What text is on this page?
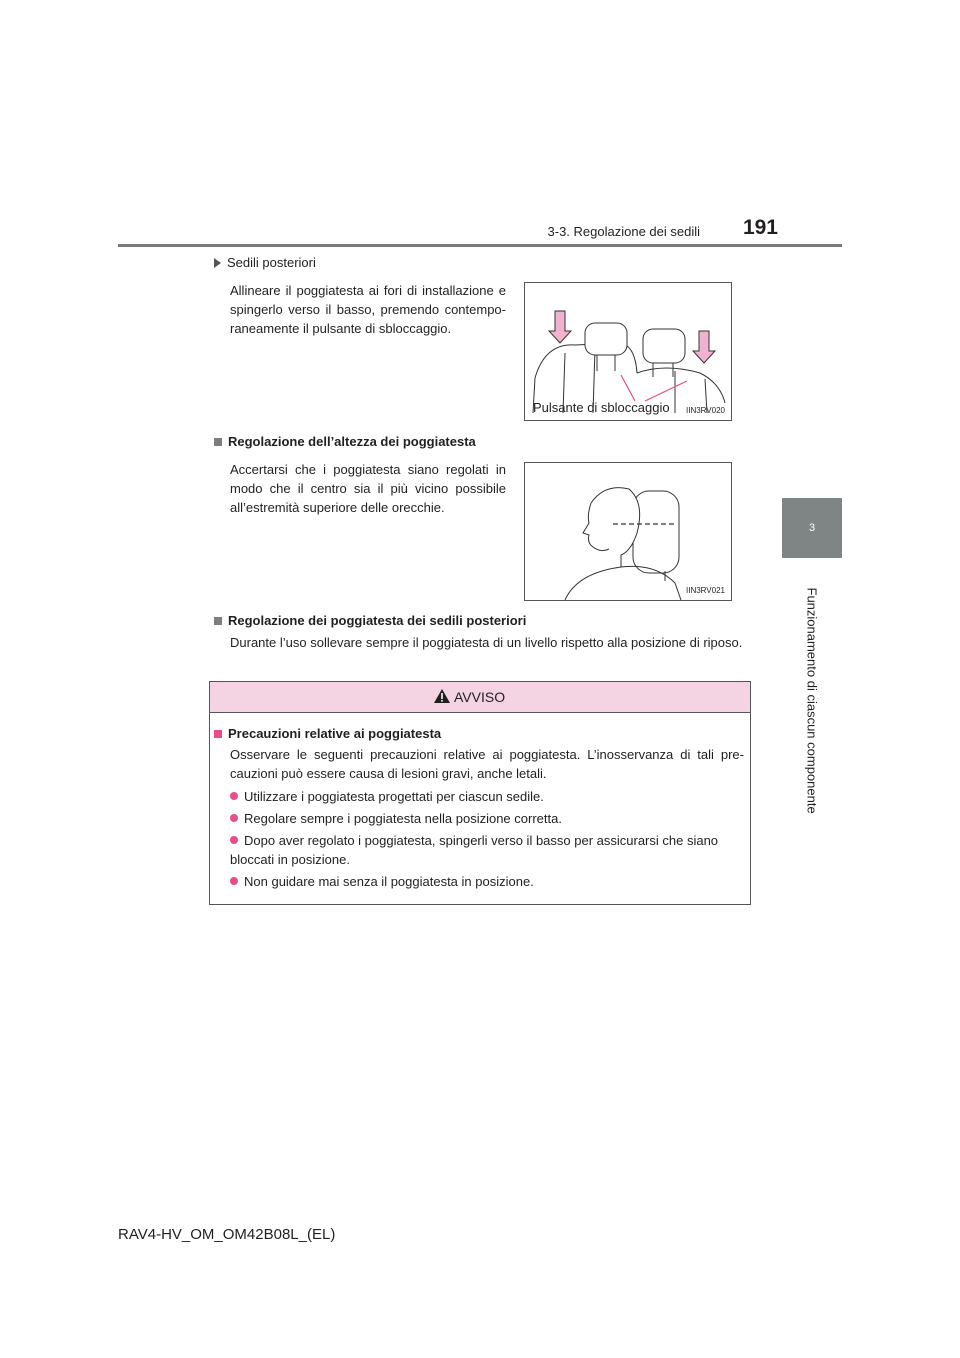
3-3. Regolazione dei sedili	191
3
Funzionamento di ciascun componente
Sedili posteriori
Allineare il poggiatesta ai fori di installazione e spingerlo verso il basso, premendo contemporaneamente il pulsante di sbloccaggio.
Pulsante di sbloccaggio IIN3RV020
Regolazione dell’altezza dei poggiatesta
Accertarsi che i poggiatesta siano regolati in modo che il centro sia il più vicino possibile all’estremità superiore delle orecchie.
IIN3RV021
Regolazione dei poggiatesta dei sedili posteriori
Durante l’uso sollevare sempre il poggiatesta di un livello rispetto alla posizione di riposo.
AVVISO
Precauzioni relative ai poggiatesta
Osservare le seguenti precauzioni relative ai poggiatesta. L’inosservanza di tali precauzioni può essere causa di lesioni gravi, anche letali.
Utilizzare i poggiatesta progettati per ciascun sedile.
Regolare sempre i poggiatesta nella posizione corretta.
Dopo aver regolato i poggiatesta, spingerli verso il basso per assicurarsi che siano bloccati in posizione.
Non guidare mai senza il poggiatesta in posizione.
RAV4-HV_OM_OM42B08L_(EL)
